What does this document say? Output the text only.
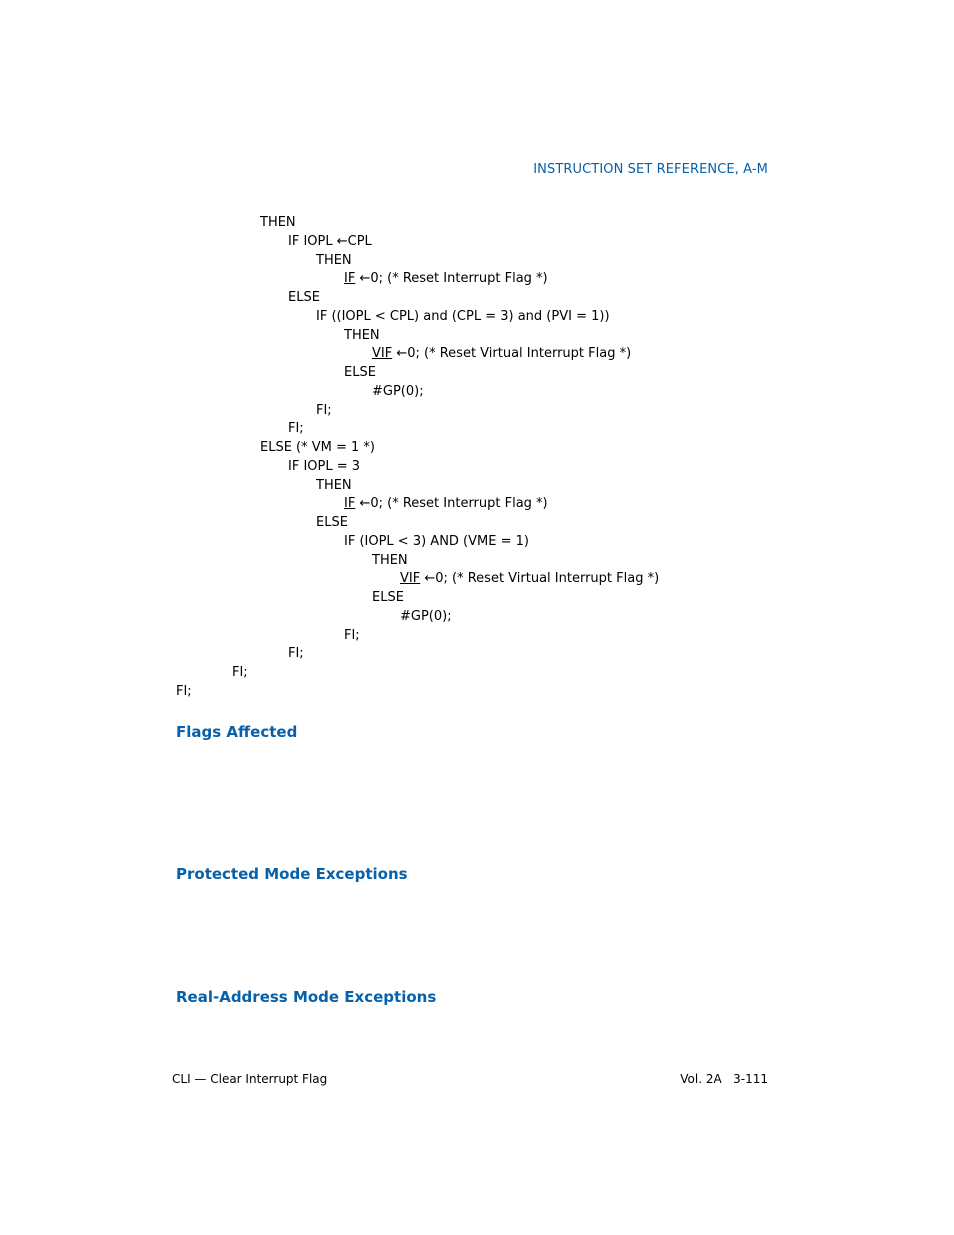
INSTRUCTION SET REFERENCE, A-M
THEN
IF IOPL ←CPL
THEN
IF ←0; (* Reset Interrupt Flag *)
ELSE
IF ((IOPL < CPL) and (CPL = 3) and (PVI = 1))
THEN
VIF ←0; (* Reset Virtual Interrupt Flag *)
ELSE
#GP(0);
FI;
FI;
ELSE (* VM = 1 *)
IF IOPL = 3
THEN
IF ←0; (* Reset Interrupt Flag *)
ELSE
IF (IOPL < 3) AND (VME = 1)
THEN
VIF ←0; (* Reset Virtual Interrupt Flag *)
ELSE
#GP(0);
FI;
FI;
FI;
FI;
Flags Affected
Protected Mode Exceptions
Real-Address Mode Exceptions
CLI — Clear Interrupt Flag	Vol. 2A   3-111
